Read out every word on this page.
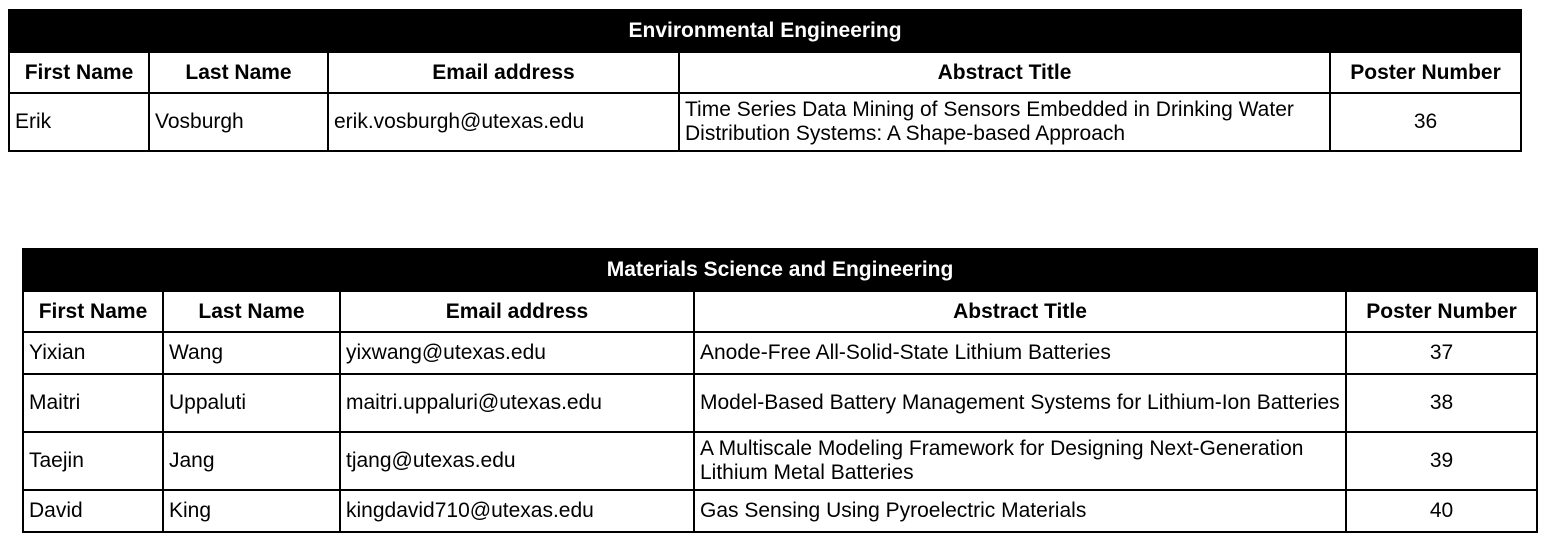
Environmental Engineering				
First Name	Last Name	Email address	Abstract Title	Poster Number
Erik	Vosburgh	erik.vosburgh@utexas.edu	Time Series Data Mining of Sensors Embedded in Drinking Water Distribution Systems: A Shape-based Approach	36
Materials Science and Engineering				
First Name	Last Name	Email address	Abstract Title	Poster Number
Yixian	Wang	yixwang@utexas.edu	Anode-Free All-Solid-State Lithium Batteries	37
Maitri	Uppaluti	maitri.uppaluri@utexas.edu	Model-Based Battery Management Systems for Lithium-Ion Batteries	38
Taejin	Jang	tjang@utexas.edu	A Multiscale Modeling Framework for Designing Next-Generation Lithium Metal Batteries	39
David	King	kingdavid710@utexas.edu	Gas Sensing Using Pyroelectric Materials	40
